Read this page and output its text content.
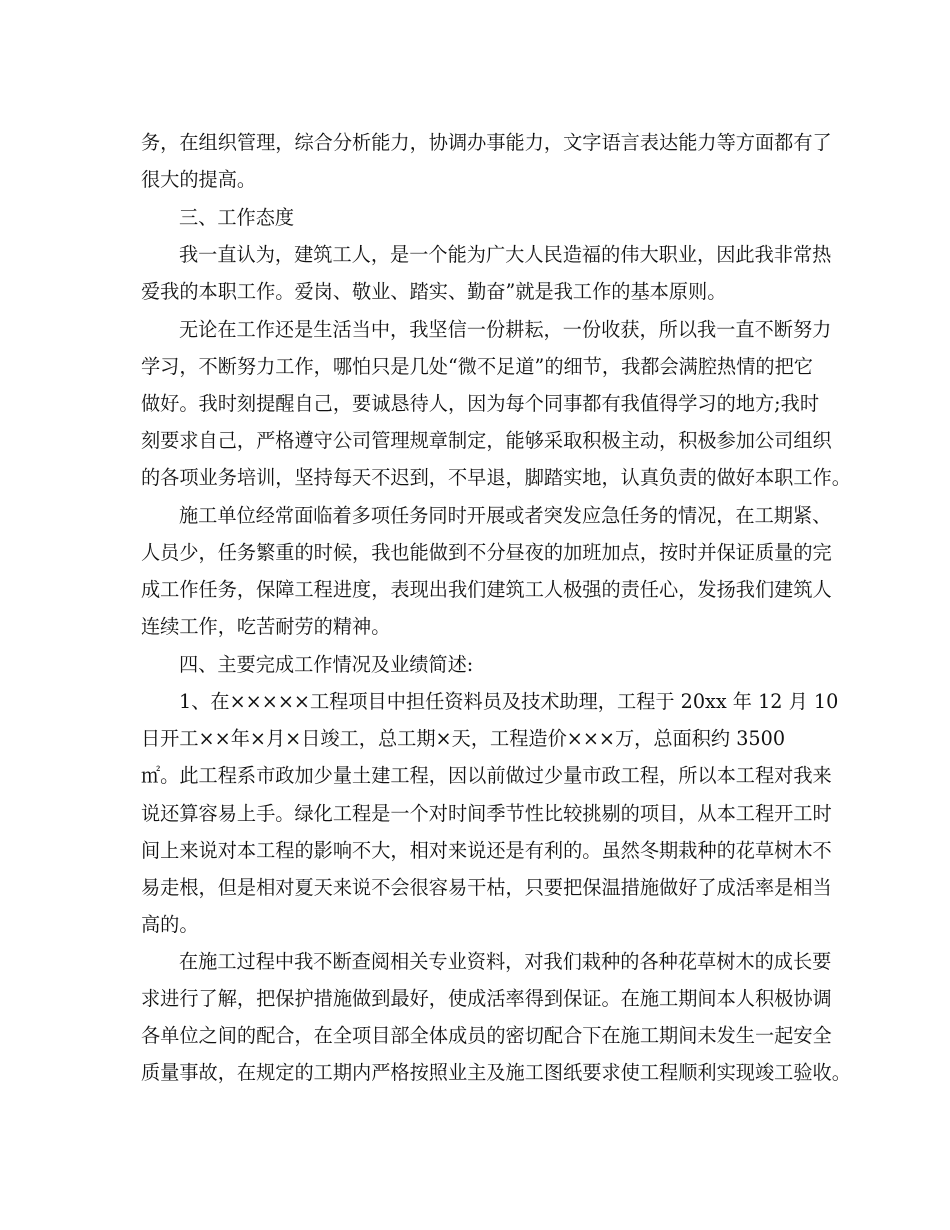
务，在组织管理，综合分析能力，协调办事能力，文字语言表达能力等方面都有了
很大的提高。
三、工作态度
我一直认为，建筑工人，是一个能为广大人民造福的伟大职业，因此我非常热
爱我的本职工作。爱岗、敬业、踏实、勤奋”就是我工作的基本原则。
无论在工作还是生活当中，我坚信一份耕耘，一份收获，所以我一直不断努力
学习，不断努力工作，哪怕只是几处“微不足道”的细节，我都会满腔热情的把它
做好。我时刻提醒自己，要诚恳待人，因为每个同事都有我值得学习的地方;我时
刻要求自己，严格遵守公司管理规章制定，能够采取积极主动，积极参加公司组织
的各项业务培训，坚持每天不迟到，不早退，脚踏实地，认真负责的做好本职工作。
施工单位经常面临着多项任务同时开展或者突发应急任务的情况，在工期紧、
人员少，任务繁重的时候，我也能做到不分昼夜的加班加点，按时并保证质量的完
成工作任务，保障工程进度，表现出我们建筑工人极强的责任心，发扬我们建筑人
连续工作，吃苦耐劳的精神。
四、主要完成工作情况及业绩简述:
1、在×××××工程项目中担任资料员及技术助理，工程于 20xx 年 12 月 10
日开工××年×月×日竣工，总工期×天，工程造价×××万，总面积约 3500
㎡。此工程系市政加少量土建工程，因以前做过少量市政工程，所以本工程对我来
说还算容易上手。绿化工程是一个对时间季节性比较挑剔的项目，从本工程开工时
间上来说对本工程的影响不大，相对来说还是有利的。虽然冬期栽种的花草树木不
易走根，但是相对夏天来说不会很容易干枯，只要把保温措施做好了成活率是相当
高的。
在施工过程中我不断查阅相关专业资料，对我们栽种的各种花草树木的成长要
求进行了解，把保护措施做到最好，使成活率得到保证。在施工期间本人积极协调
各单位之间的配合，在全项目部全体成员的密切配合下在施工期间未发生一起安全
质量事故，在规定的工期内严格按照业主及施工图纸要求使工程顺利实现竣工验收。
